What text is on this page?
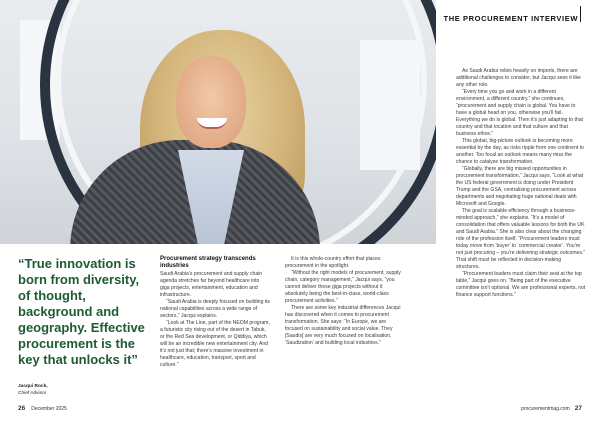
THE PROCUREMENT INTERVIEW
“True innovation is born from diversity, of thought, background and geography. Effective procurement is the key that unlocks it”
Jacqui Rock,
Chief Advisor
Procurement strategy transcends industries

Saudi Arabia’s procurement and supply chain agenda stretches far beyond healthcare into giga projects, entertainment, education and infrastructure.

“Saudi Arabia is deeply focused on building its national capabilities across a wide range of sectors,” Jacqui explains.

“Look at The Line, part of the NEOM program, a futuristic city rising out of the desert in Tabuk, or the Red Sea development, or Qiddiya, which will be an incredible new entertainment city. And it’s not just that; there’s massive investment in healthcare, education, transport, sport and culture.”

It is this whole-country effort that places procurement in the spotlight.

“Without the right models of procurement, supply chain, category management,” Jacqui says, “you cannot deliver these giga projects without it absolutely being the best-in-class, world-class procurement activities.”

There are some key industrial differences Jacqui has discovered when it comes to procurement transformation. She says: “In Europe, we are focused on sustainability and social value. They [Saudis] are very much focused on localisation, ‘Saudization’ and building local industries.”

As Saudi Arabia relies heavily on imports, there are additional challenges to consider, but Jacqui sees it like any other role.

“Every time you go and work in a different environment, a different country,” she continues, “procurement and supply chain is global. You have to have a global head on you, otherwise you’ll fail. Everything we do is global. Then it’s just adapting to that country and that location and that culture and that business ethos.”

This global, big-picture outlook is becoming more essential by the day, as risks ripple from one continent to another. Too focal an outlook means many miss the chance to catalyse transformation.

“Globally, there are big missed opportunities in procurement transformation,” Jacqui says. “Look at what the US federal government is doing under President Trump and the GSA, centralising procurement across departments and negotiating huge national deals with Microsoft and Google.

The goal is scalable efficiency through a business-minded approach,” she explains. “It’s a model of consolidation that offers valuable lessons for both the UK and Saudi Arabia.” She is also clear about the changing role of the profession itself. “Procurement leaders must today move from ‘buyer’ to ‘commercial creator’. You’re not just procuring – you’re delivering strategic outcomes.” That shift must be reflected in decision-making structures.

“Procurement leaders must claim their seat at the top table,” Jacqui goes on. “Being part of the executive committee isn’t optional. We are professional experts, not finance support functions.”

26 December 2025	procurementmag.com 27
